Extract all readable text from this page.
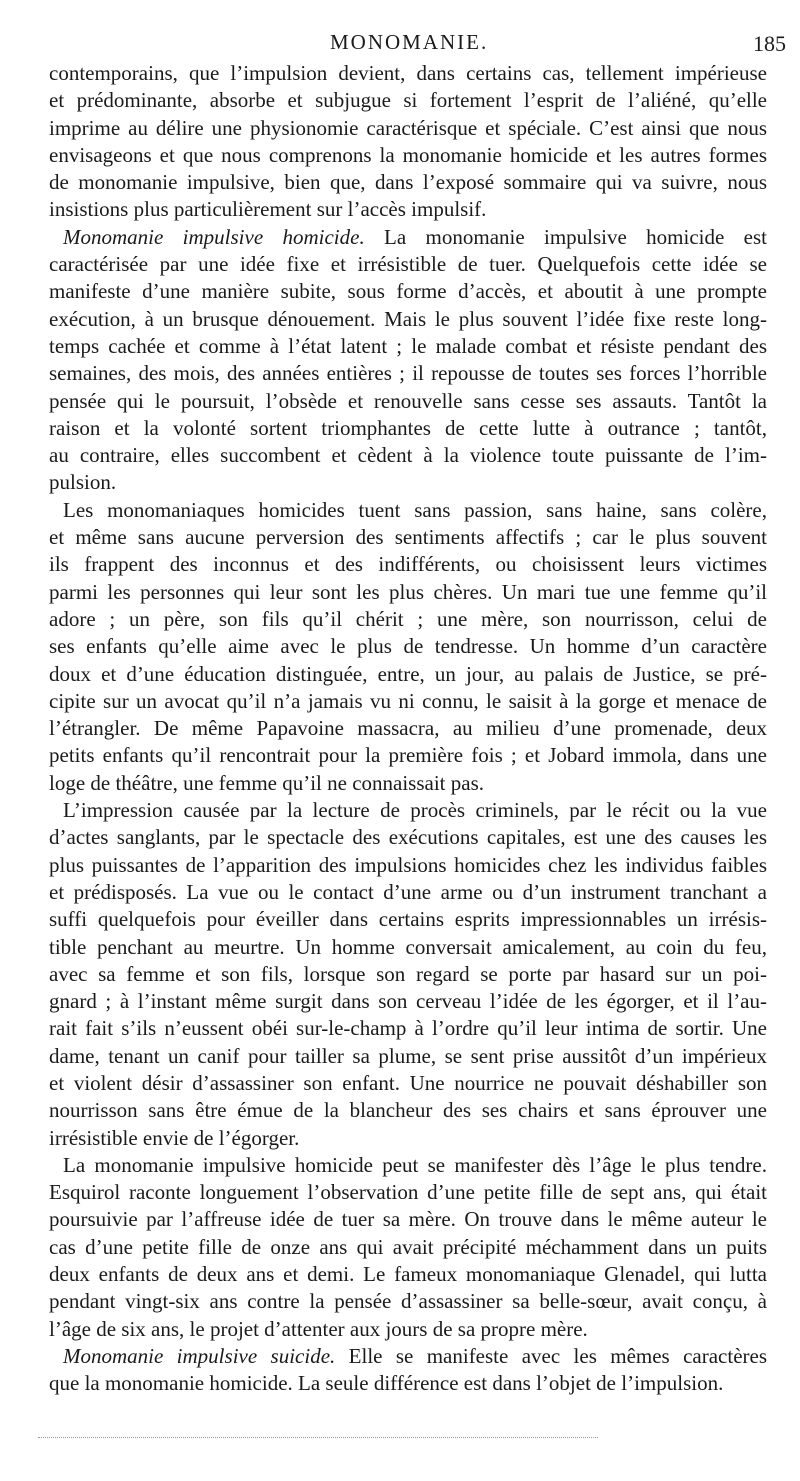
MONOMANIE.	185
contemporains, que l’impulsion devient, dans certains cas, tellement impérieuse
et prédominante, absorbe et subjugue si fortement l’esprit de l’aliéné, qu’elle
imprime au délire une physionomie caractérisque et spéciale. C’est ainsi que nous
envisageons et que nous comprenons la monomanie homicide et les autres formes
de monomanie impulsive, bien que, dans l’exposé sommaire qui va suivre, nous
insistions plus particulièrement sur l’accès impulsif.
Monomanie impulsive homicide. La monomanie impulsive homicide est
caractérisée par une idée fixe et irrésistible de tuer. Quelquefois cette idée se
manifeste d’une manière subite, sous forme d’accès, et aboutit à une prompte
exécution, à un brusque dénouement. Mais le plus souvent l’idée fixe reste long-
temps cachée et comme à l’état latent ; le malade combat et résiste pendant des
semaines, des mois, des années entières ; il repousse de toutes ses forces l’horrible
pensée qui le poursuit, l’obsède et renouvelle sans cesse ses assauts. Tantôt la
raison et la volonté sortent triomphantes de cette lutte à outrance ; tantôt,
au contraire, elles succombent et cèdent à la violence toute puissante de l’im-
pulsion.
Les monomaniaques homicides tuent sans passion, sans haine, sans colère,
et même sans aucune perversion des sentiments affectifs ; car le plus souvent
ils frappent des inconnus et des indifférents, ou choisissent leurs victimes
parmi les personnes qui leur sont les plus chères. Un mari tue une femme qu’il
adore ; un père, son fils qu’il chérit ; une mère, son nourrisson, celui de
ses enfants qu’elle aime avec le plus de tendresse. Un homme d’un caractère
doux et d’une éducation distinguée, entre, un jour, au palais de Justice, se pré-
cipite sur un avocat qu’il n’a jamais vu ni connu, le saisit à la gorge et menace de
l’étrangler. De même Papavoine massacra, au milieu d’une promenade, deux
petits enfants qu’il rencontrait pour la première fois ; et Jobard immola, dans une
loge de théâtre, une femme qu’il ne connaissait pas.
L’impression causée par la lecture de procès criminels, par le récit ou la vue
d’actes sanglants, par le spectacle des exécutions capitales, est une des causes les
plus puissantes de l’apparition des impulsions homicides chez les individus faibles
et prédisposés. La vue ou le contact d’une arme ou d’un instrument tranchant a
suffi quelquefois pour éveiller dans certains esprits impressionnables un irrésis-
tible penchant au meurtre. Un homme conversait amicalement, au coin du feu,
avec sa femme et son fils, lorsque son regard se porte par hasard sur un poi-
gnard ; à l’instant même surgit dans son cerveau l’idée de les égorger, et il l’au-
rait fait s’ils n’eussent obéi sur-le-champ à l’ordre qu’il leur intima de sortir. Une
dame, tenant un canif pour tailler sa plume, se sent prise aussitôt d’un impérieux
et violent désir d’assassiner son enfant. Une nourrice ne pouvait déshabiller son
nourrisson sans être émue de la blancheur des ses chairs et sans éprouver une
irrésistible envie de l’égorger.
La monomanie impulsive homicide peut se manifester dès l’âge le plus tendre.
Esquirol raconte longuement l’observation d’une petite fille de sept ans, qui était
poursuivie par l’affreuse idée de tuer sa mère. On trouve dans le même auteur le
cas d’une petite fille de onze ans qui avait précipité méchamment dans un puits
deux enfants de deux ans et demi. Le fameux monomaniaque Glenadel, qui lutta
pendant vingt-six ans contre la pensée d’assassiner sa belle-sœur, avait conçu, à
l’âge de six ans, le projet d’attenter aux jours de sa propre mère.
Monomanie impulsive suicide. Elle se manifeste avec les mêmes caractères
que la monomanie homicide. La seule différence est dans l’objet de l’impulsion.
